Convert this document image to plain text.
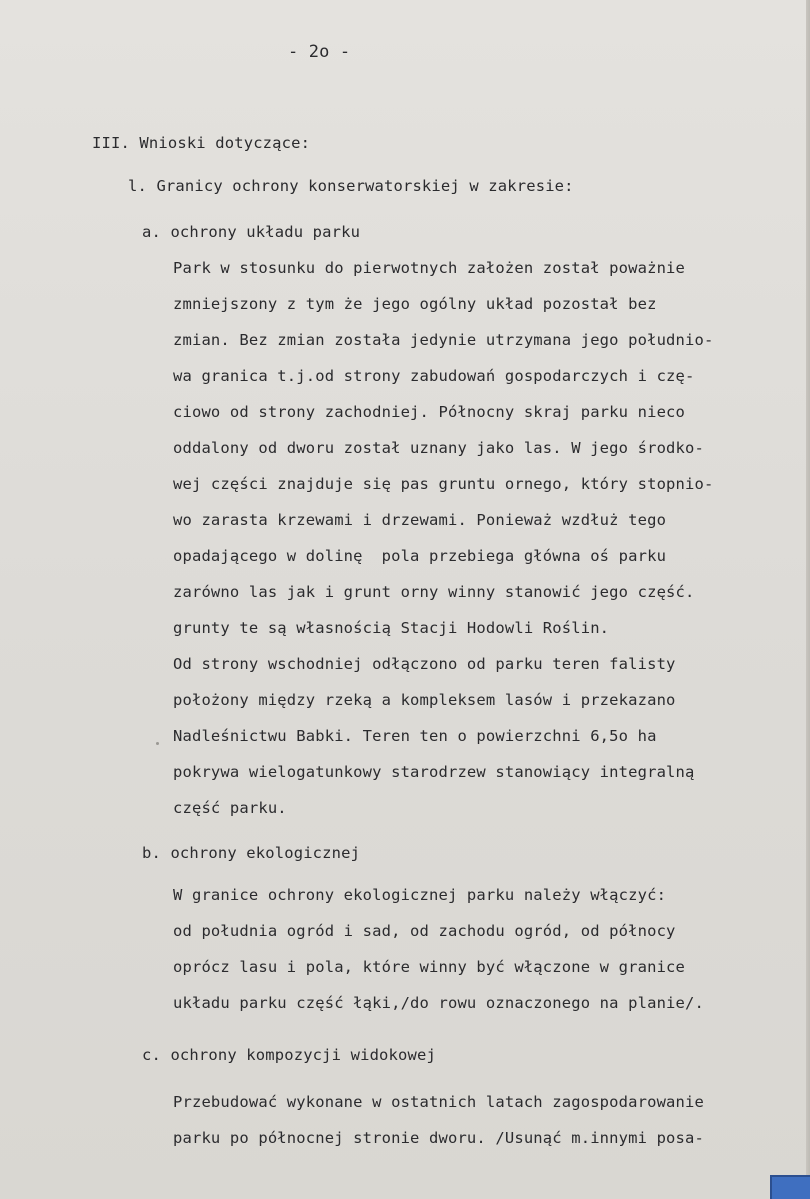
- 2o -
III. Wnioski dotyczące:
l. Granicy ochrony konserwatorskiej w zakresie:
a. ochrony układu parku
Park w stosunku do pierwotnych założen został poważnie
zmniejszony z tym że jego ogólny układ pozostał bez
zmian. Bez zmian została jedynie utrzymana jego południo-
wa granica t.j.od strony zabudowań gospodarczych i czę-
ciowo od strony zachodniej. Północny skraj parku nieco
oddalony od dworu został uznany jako las. W jego środko-
wej części znajduje się pas gruntu ornego, który stopnio-
wo zarasta krzewami i drzewami. Ponieważ wzdłuż tego
opadającego w dolinę  pola przebiega główna oś parku
zarówno las jak i grunt orny winny stanowić jego część.
grunty te są własnością Stacji Hodowli Roślin.
Od strony wschodniej odłączono od parku teren falisty
położony między rzeką a kompleksem lasów i przekazano
Nadleśnictwu Babki. Teren ten o powierzchni 6,5o ha
pokrywa wielogatunkowy starodrzew stanowiący integralną
część parku.
b. ochrony ekologicznej
W granice ochrony ekologicznej parku należy włączyć:
od południa ogród i sad, od zachodu ogród, od północy
oprócz lasu i pola, które winny być włączone w granice
układu parku część łąki,/do rowu oznaczonego na planie/.
c. ochrony kompozycji widokowej
Przebudować wykonane w ostatnich latach zagospodarowanie
parku po północnej stronie dworu. /Usunąć m.innymi posa-
